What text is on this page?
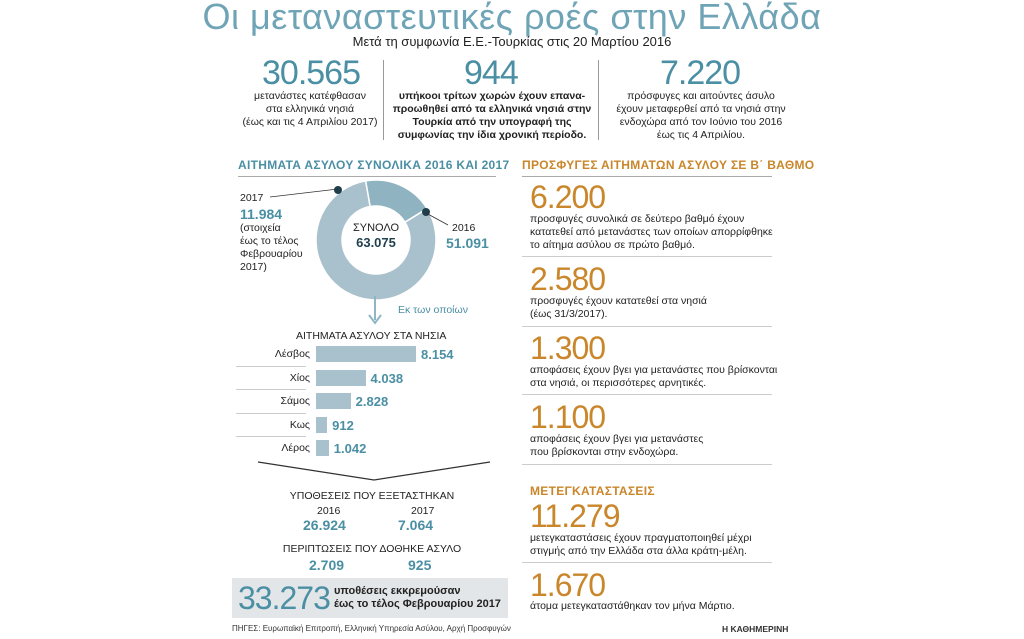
Οι μεταναστευτικές ροές στην Ελλάδα
Μετά τη συμφωνία Ε.Ε.-Τουρκίας στις 20 Μαρτίου 2016
30.565
μετανάστες κατέφθασαν
στα ελληνικά νησιά
(έως και τις 4 Απριλίου 2017)
944
υπήκοοι τρίτων χωρών έχουν επανα-
προωθηθεί από τα ελληνικά νησιά στην
Τουρκία από την υπογραφή της
συμφωνίας την ίδια χρονική περίοδο.
7.220
πρόσφυγες και αιτούντες άσυλο
έχουν μεταφερθεί από τα νησιά στην
ενδοχώρα από τον Ιούνιο του 2016
έως τις 4 Απριλίου.
ΑΙΤΗΜΑΤΑ ΑΣΥΛΟΥ ΣΥΝΟΛΙΚΑ 2016 ΚΑΙ 2017
ΣΥΝΟΛΟ
63.075
2017
11.984
(στοιχεία
έως το τέλος
Φεβρουαρίου
2017)
2016
51.091
Εκ των οποίων
ΑΙΤΗΜΑΤΑ ΑΣΥΛΟΥ ΣΤΑ ΝΗΣΙΑ
Λέσβος	8.154
Χίος	4.038
Σάμος	2.828
Κως 912
Λέρος 1.042
ΥΠΟΘΕΣΕΙΣ ΠΟΥ ΕΞΕΤΑΣΤΗΚΑΝ
2016	2017
26.924	7.064
ΠΕΡΙΠΤΩΣΕΙΣ ΠΟΥ ΔΟΘΗΚΕ ΑΣΥΛΟ
2.709	925
33.273 υποθέσεις εκκρεμούσαν
έως το τέλος Φεβρουαρίου 2017
ΠΡΟΣΦΥΓΕΣ ΑΙΤΗΜΑΤΩΝ ΑΣΥΛΟΥ ΣΕ Β΄ ΒΑΘΜΟ
6.200
προσφυγές συνολικά σε δεύτερο βαθμό έχουν
κατατεθεί από μετανάστες των οποίων απορρίφθηκε
το αίτημα ασύλου σε πρώτο βαθμό.
2.580
προσφυγές έχουν κατατεθεί στα νησιά
(έως 31/3/2017).
1.300
αποφάσεις έχουν βγει για μετανάστες που βρίσκονται
στα νησιά, οι περισσότερες αρνητικές.
1.100
αποφάσεις έχουν βγει για μετανάστες
που βρίσκονται στην ενδοχώρα.
ΜΕΤΕΓΚΑΤΑΣΤΑΣΕΙΣ
11.279
μετεγκαταστάσεις έχουν πραγματοποιηθεί μέχρι
στιγμής από την Ελλάδα στα άλλα κράτη-μέλη.
1.670
άτομα μετεγκαταστάθηκαν τον μήνα Μάρτιο.
ΠΗΓΕΣ: Ευρωπαϊκή Επιτροπή, Ελληνική Υπηρεσία Ασύλου, Αρχή Προσφυγών	Η ΚΑΘΗΜΕΡΙΝΗ
